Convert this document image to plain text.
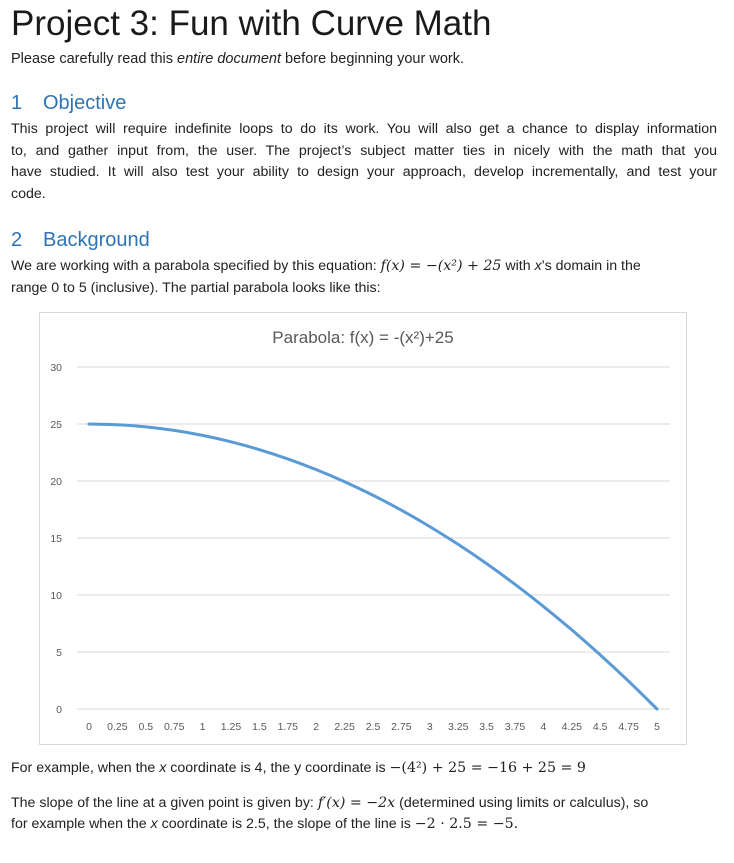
Project 3: Fun with Curve Math
Please carefully read this entire document before beginning your work.
1 Objective
This project will require indefinite loops to do its work. You will also get a chance to display information
to, and gather input from, the user. The project’s subject matter ties in nicely with the math that you
have studied. It will also test your ability to design your approach, develop incrementally, and test your
code.
2 Background
We are working with a parabola specified by this equation: f(x) = −(x²) + 25 with x’s domain in the
range 0 to 5 (inclusive). The partial parabola looks like this:
Parabola: f(x) = -(x²)+25
0
5
10
15
20
25
30
0 0.25 0.5 0.75 1 1.25 1.5 1.75 2 2.25 2.5 2.75 3 3.25 3.5 3.75 4 4.25 4.5 4.75 5
For example, when the x coordinate is 4, the y coordinate is −(4²) + 25 = −16 + 25 = 9
The slope of the line at a given point is given by: f′(x) = −2x (determined using limits or calculus), so
for example when the x coordinate is 2.5, the slope of the line is −2 · 2.5 = −5.
